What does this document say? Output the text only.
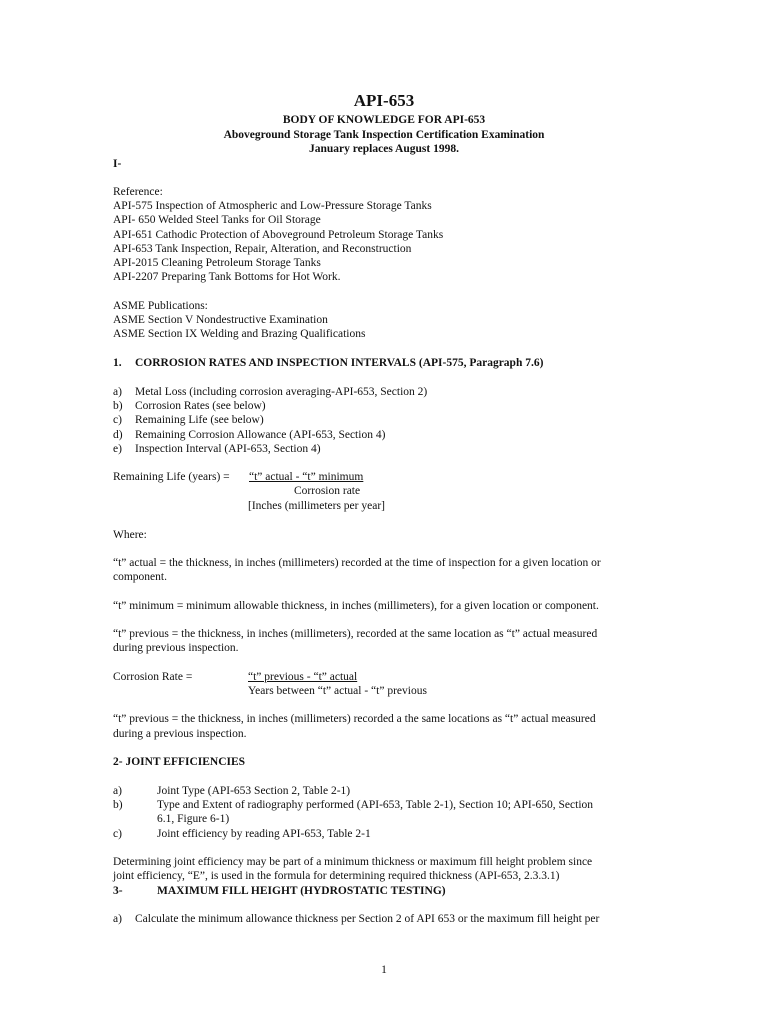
API-653
BODY OF KNOWLEDGE FOR API-653
Aboveground Storage Tank Inspection Certification Examination
January replaces August 1998.
I-
Reference:
API-575 Inspection of Atmospheric and Low-Pressure Storage Tanks
API- 650 Welded Steel Tanks for Oil Storage
API-651 Cathodic Protection of Aboveground Petroleum Storage Tanks
API-653 Tank Inspection, Repair, Alteration, and Reconstruction
API-2015 Cleaning Petroleum Storage Tanks
API-2207 Preparing Tank Bottoms for Hot Work.
ASME Publications:
ASME Section V Nondestructive Examination
ASME Section IX Welding and Brazing Qualifications
1. CORROSION RATES AND INSPECTION INTERVALS (API-575, Paragraph 7.6)
a) Metal Loss (including corrosion averaging-API-653, Section 2)
b) Corrosion Rates (see below)
c) Remaining Life (see below)
d) Remaining Corrosion Allowance (API-653, Section 4)
e) Inspection Interval (API-653, Section 4)
Remaining Life (years) = “t” actual - “t” minimum
Corrosion rate
[Inches (millimeters per year]
Where:
“t” actual = the thickness, in inches (millimeters) recorded at the time of inspection for a given location or
component.
“t” minimum = minimum allowable thickness, in inches (millimeters), for a given location or component.
“t” previous = the thickness, in inches (millimeters), recorded at the same location as “t” actual measured
during previous inspection.
Corrosion Rate =	“t” previous - “t” actual
Years between “t” actual - “t” previous
“t” previous = the thickness, in inches (millimeters) recorded a the same locations as “t” actual measured
during a previous inspection.
2- JOINT EFFICIENCIES
a)	Joint Type (API-653 Section 2, Table 2-1)
b)	Type and Extent of radiography performed (API-653, Table 2-1), Section 10; API-650, Section
6.1, Figure 6-1)
c)	Joint efficiency by reading API-653, Table 2-1
Determining joint efficiency may be part of a minimum thickness or maximum fill height problem since
joint efficiency, “E”, is used in the formula for determining required thickness (API-653, 2.3.3.1)
3-	MAXIMUM FILL HEIGHT (HYDROSTATIC TESTING)
a) Calculate the minimum allowance thickness per Section 2 of API 653 or the maximum fill height per
1
